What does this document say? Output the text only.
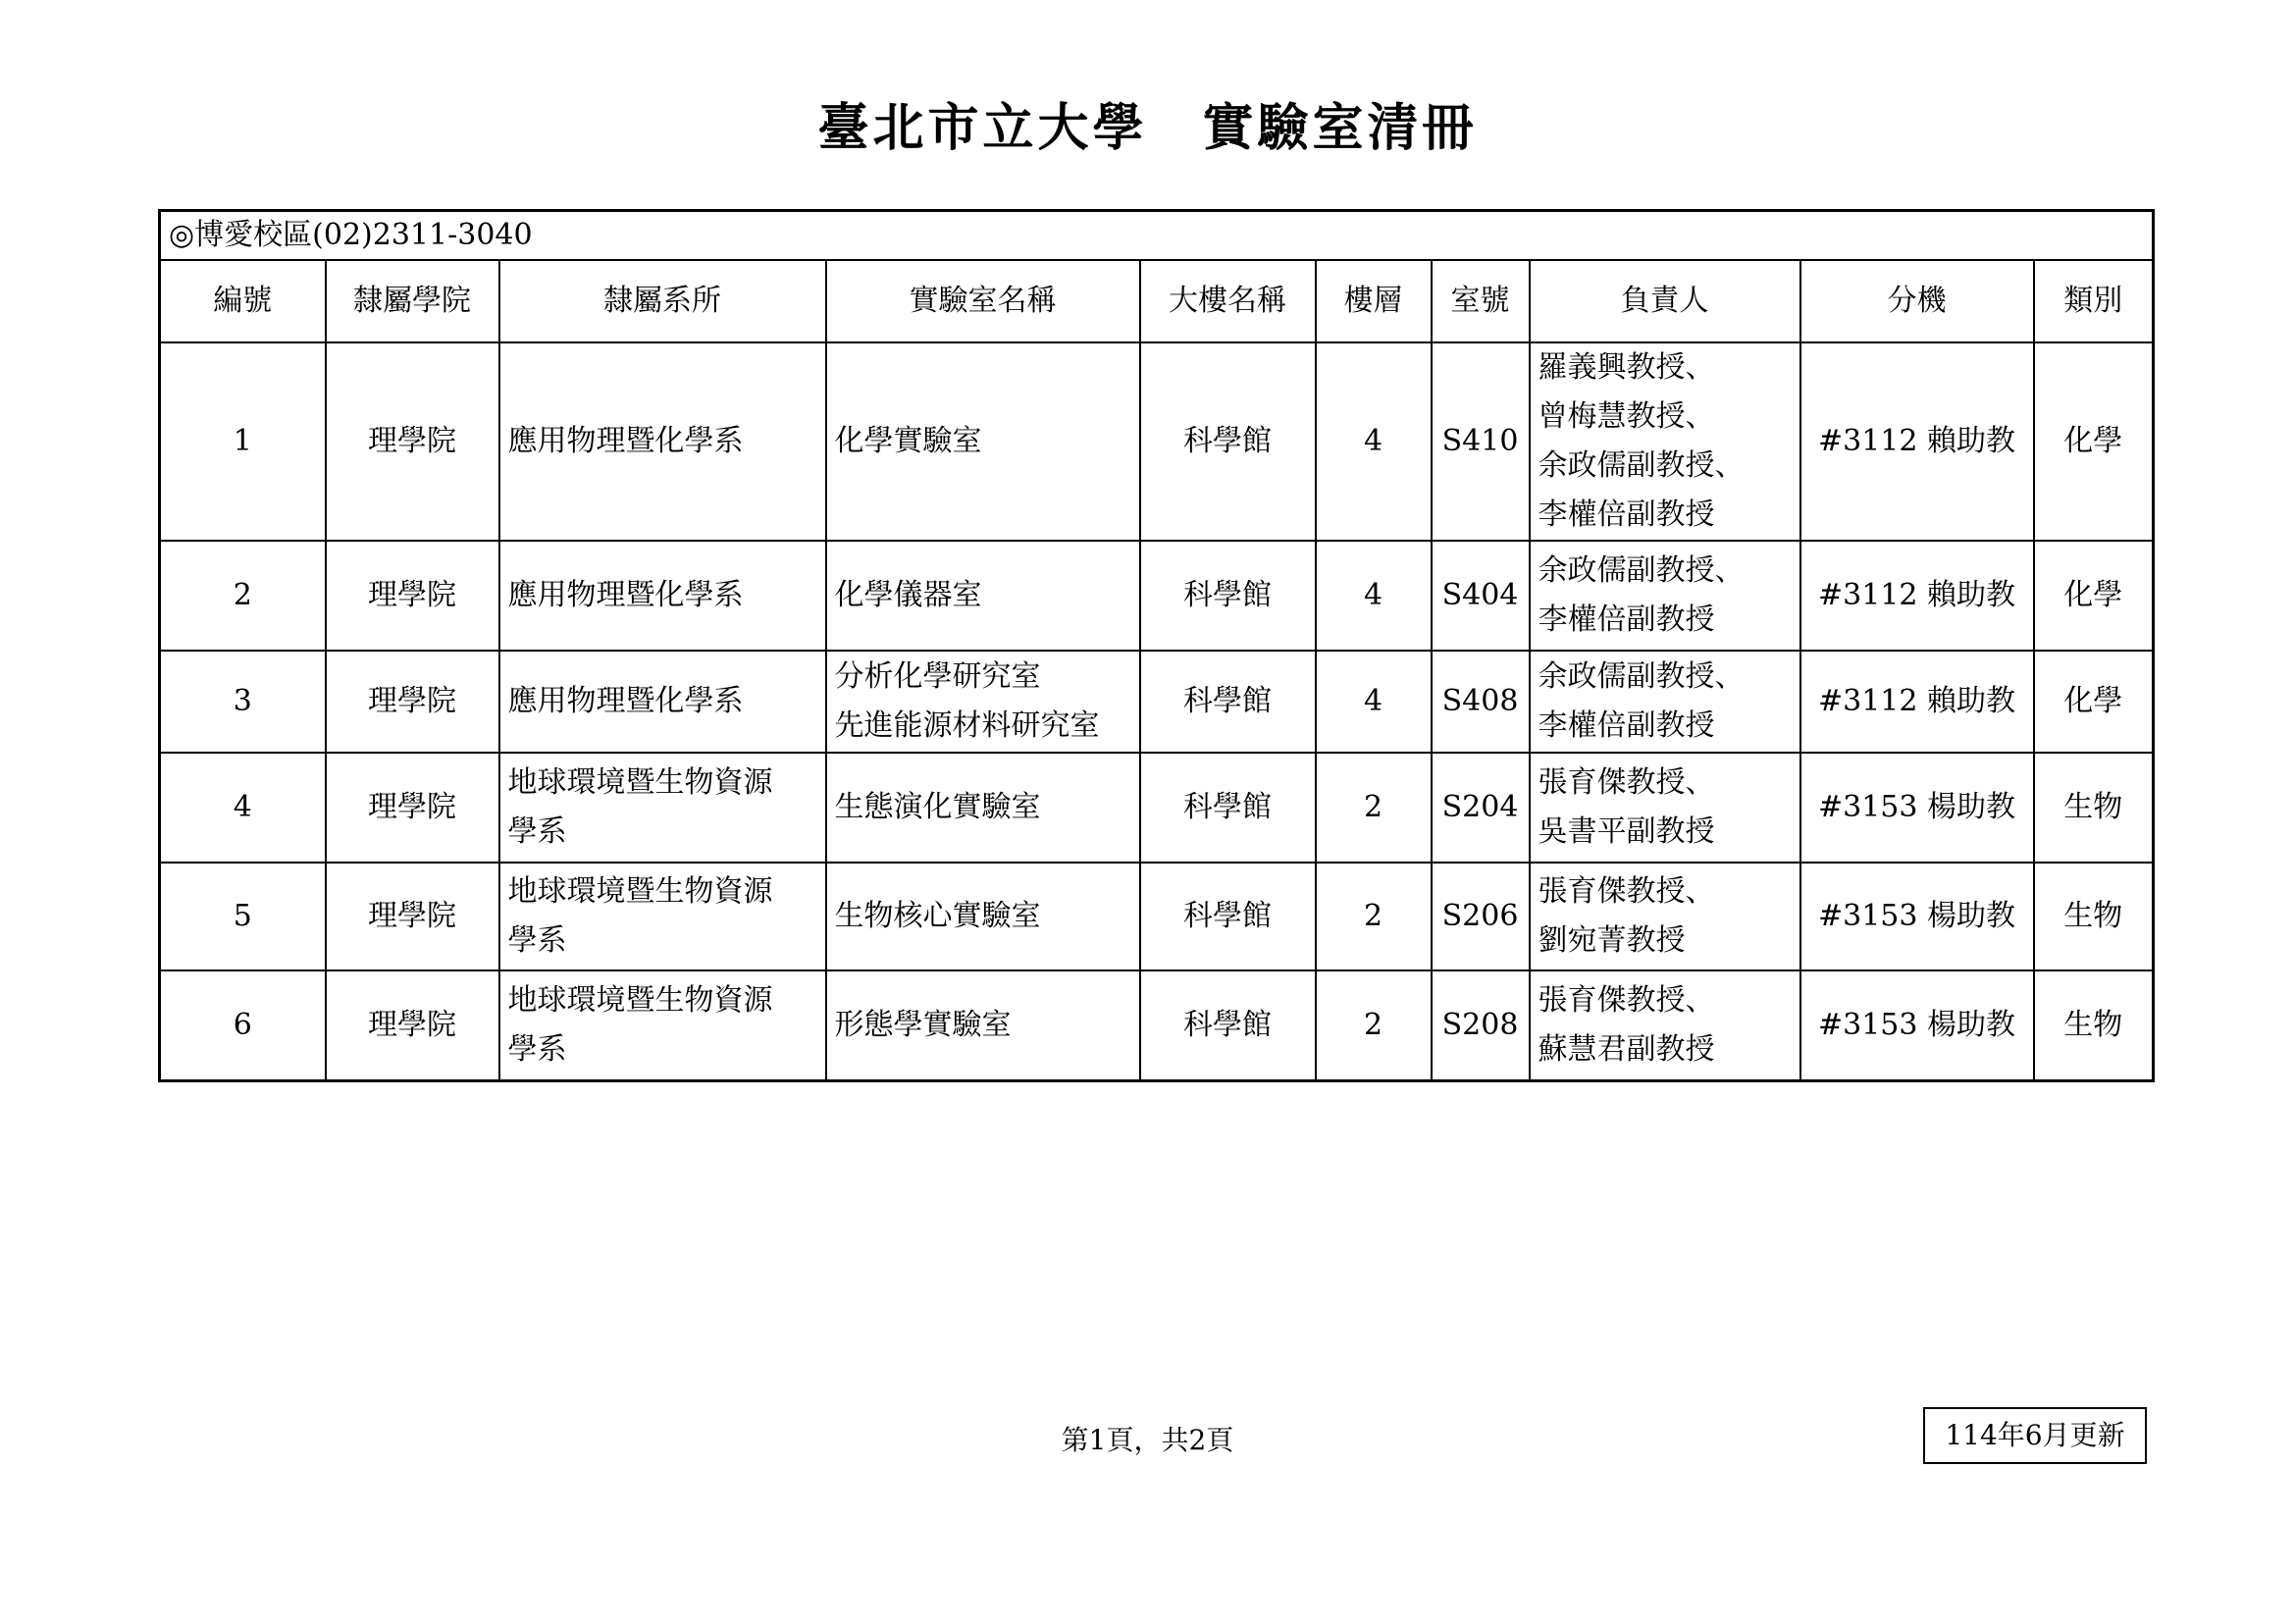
臺北市立大學 實驗室清冊
◎博愛校區(02)2311-3040									
編號	隸屬學院	隸屬系所	實驗室名稱	大樓名稱	樓層	室號	負責人	分機	類別
1	理學院	應用物理暨化學系	化學實驗室	科學館	4	S410	羅義興教授、
曾梅慧教授、
余政儒副教授、
李權倍副教授	#3112 賴助教	化學
2	理學院	應用物理暨化學系	化學儀器室	科學館	4	S404	余政儒副教授、
李權倍副教授	#3112 賴助教	化學
3	理學院	應用物理暨化學系	分析化學研究室
先進能源材料研究室	科學館	4	S408	余政儒副教授、
李權倍副教授	#3112 賴助教	化學
4	理學院	地球環境暨生物資源
學系	生態演化實驗室	科學館	2	S204	張育傑教授、
吳書平副教授	#3153 楊助教	生物
5	理學院	地球環境暨生物資源
學系	生物核心實驗室	科學館	2	S206	張育傑教授、
劉宛菁教授	#3153 楊助教	生物
6	理學院	地球環境暨生物資源
學系	形態學實驗室	科學館	2	S208	張育傑教授、
蘇慧君副教授	#3153 楊助教	生物
第1頁，共2頁	114年6月更新
